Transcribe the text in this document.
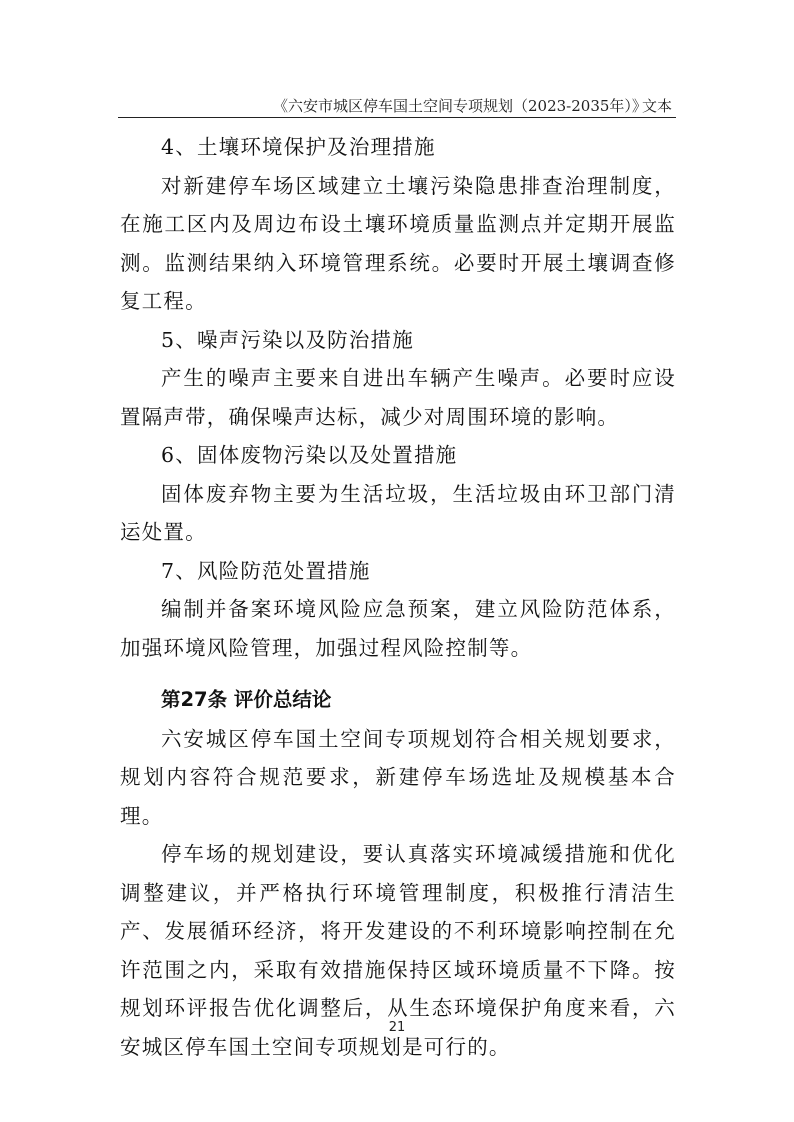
《六安市城区停车国土空间专项规划（2023-2035年）》
文本

4、土壤环境保护及治理措施

对新建停车场区域建立土壤污染隐患排查治理制度，在施工区内及周边布设土壤环境质量监测点并定期开展监测。监测结果纳入环境管理系统。必要时开展土壤调查修复工程。

5、噪声污染以及防治措施

产生的噪声主要来自进出车辆产生噪声。必要时应设置隔声带，确保噪声达标，减少对周围环境的影响。

6、固体废物污染以及处置措施

固体废弃物主要为生活垃圾，生活垃圾由环卫部门清运处置。

7、风险防范处置措施

编制并备案环境风险应急预案，建立风险防范体系，加强环境风险管理，加强过程风险控制等。

第27条 评价总结论

六安城区停车国土空间专项规划符合相关规划要求，规划内容符合规范要求，新建停车场选址及规模基本合理。

停车场的规划建设，要认真落实环境减缓措施和优化调整建议，并严格执行环境管理制度，积极推行清洁生产、发展循环经济，将开发建设的不利环境影响控制在允许范围之内，采取有效措施保持区域环境质量不下降。按规划环评报告优化调整后，从生态环境保护角度来看，六安城区停车国土空间专项规划是可行的。

21
